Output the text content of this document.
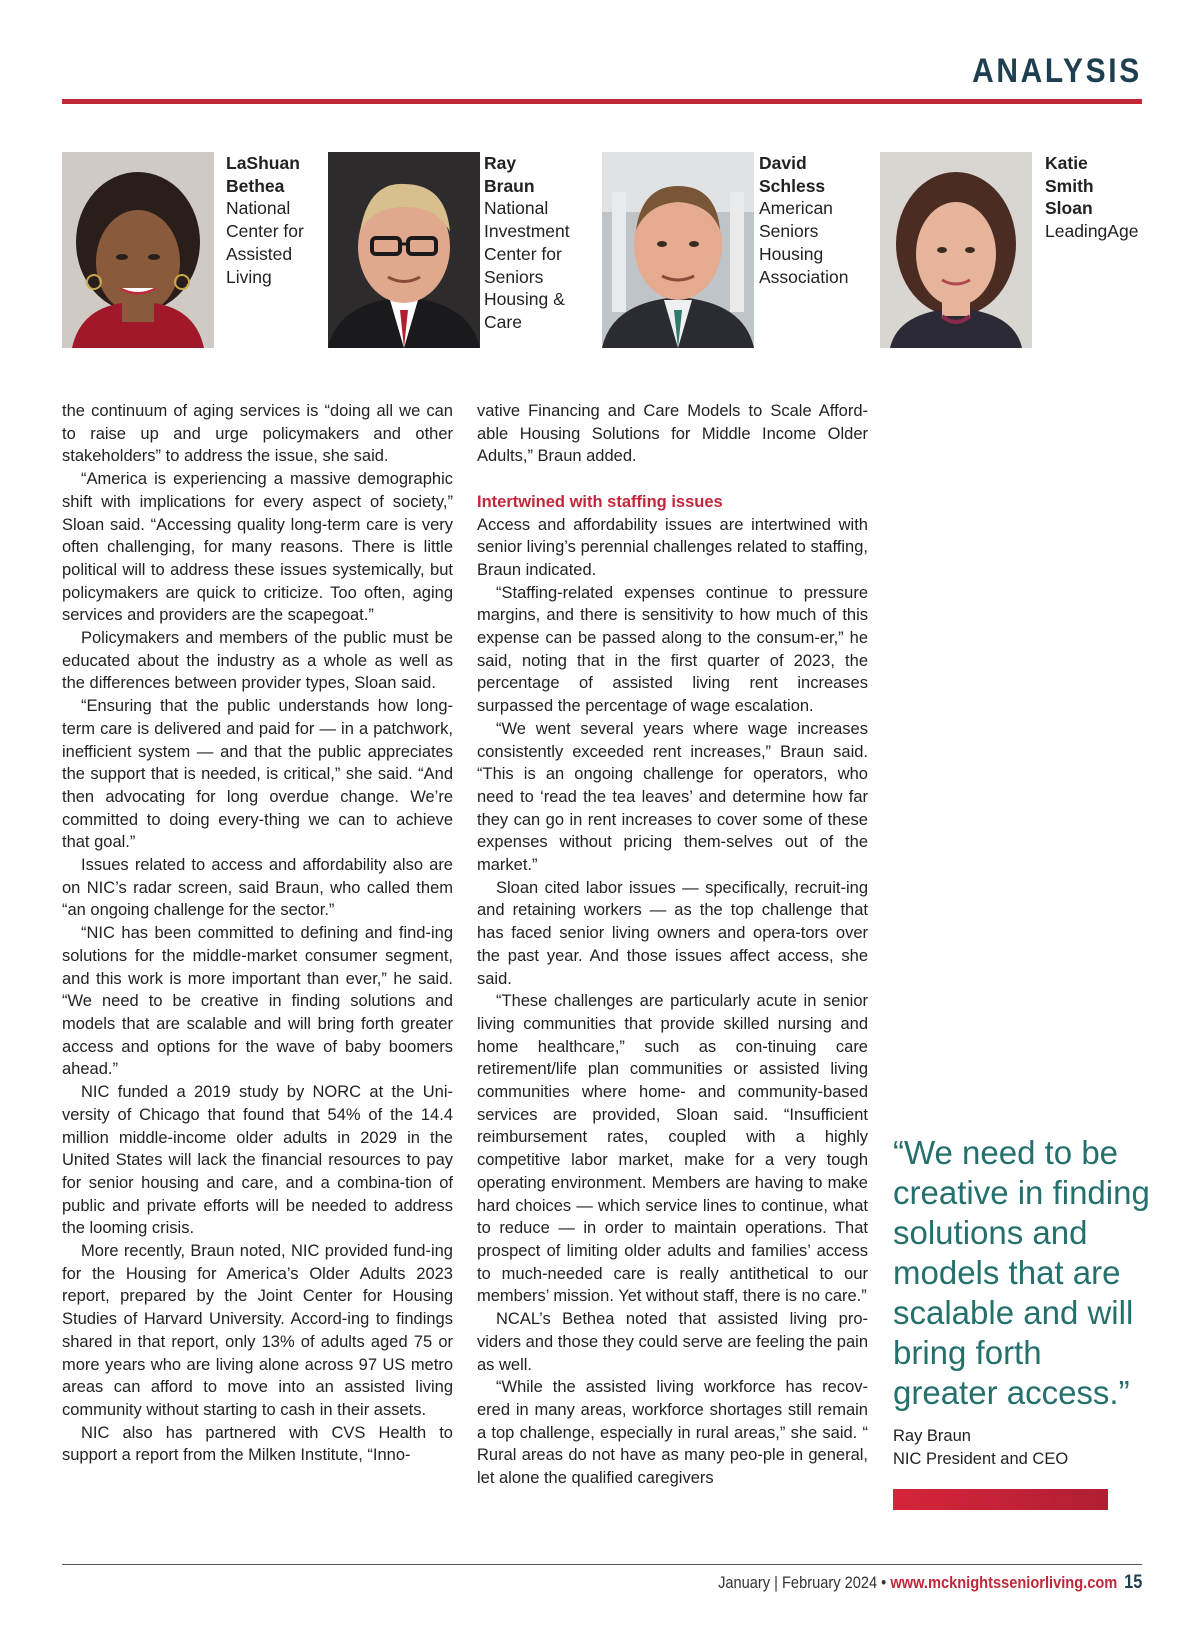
ANALYSIS
LaShuan
Bethea
National
Center for
Assisted
Living
Ray
Braun
National
Investment
Center for
Seniors
Housing &
Care
David
Schless
American
Seniors
Housing
Association
Katie
Smith
Sloan
LeadingAge

the continuum of aging services is “doing all we can to raise up and urge policymakers and other stakeholders” to address the issue, she said.

“America is experiencing a massive demographic shift with implications for every aspect of society,” Sloan said. “Accessing quality long-term care is very often challenging, for many reasons. There is little political will to address these issues systemically, but policymakers are quick to criticize. Too often, aging services and providers are the scapegoat.”

Policymakers and members of the public must be educated about the industry as a whole as well as the differences between provider types, Sloan said.

“Ensuring that the public understands how long-term care is delivered and paid for — in a patchwork, inefficient system — and that the public appreciates the support that is needed, is critical,” she said. “And then advocating for long overdue change. We’re committed to doing every-thing we can to achieve that goal.”

Issues related to access and affordability also are on NIC’s radar screen, said Braun, who called them “an ongoing challenge for the sector.”

“NIC has been committed to defining and find-ing solutions for the middle-market consumer segment, and this work is more important than ever,” he said. “We need to be creative in finding solutions and models that are scalable and will bring forth greater access and options for the wave of baby boomers ahead.”

NIC funded a 2019 study by NORC at the Uni-versity of Chicago that found that 54% of the 14.4 million middle-income older adults in 2029 in the United States will lack the financial resources to pay for senior housing and care, and a combina-tion of public and private efforts will be needed to address the looming crisis.

More recently, Braun noted, NIC provided fund-ing for the Housing for America’s Older Adults 2023 report, prepared by the Joint Center for Housing Studies of Harvard University. Accord-ing to findings shared in that report, only 13% of adults aged 75 or more years who are living alone across 97 US metro areas can afford to move into an assisted living community without starting to cash in their assets.

NIC also has partnered with CVS Health to support a report from the Milken Institute, “Inno-

vative Financing and Care Models to Scale Afford-able Housing Solutions for Middle Income Older Adults,” Braun added.

Intertwined with staffing issues

Access and affordability issues are intertwined with senior living’s perennial challenges related to staffing, Braun indicated.

“Staffing-related expenses continue to pressure margins, and there is sensitivity to how much of this expense can be passed along to the consum-er,” he said, noting that in the first quarter of 2023, the percentage of assisted living rent increases surpassed the percentage of wage escalation.

“We went several years where wage increases consistently exceeded rent increases,” Braun said. “This is an ongoing challenge for operators, who need to ‘read the tea leaves’ and determine how far they can go in rent increases to cover some of these expenses without pricing them-selves out of the market.”

Sloan cited labor issues — specifically, recruit-ing and retaining workers — as the top challenge that has faced senior living owners and opera-tors over the past year. And those issues affect access, she said.

“These challenges are particularly acute in senior living communities that provide skilled nursing and home healthcare,” such as con-tinuing care retirement/life plan communities or assisted living communities where home- and community-based services are provided, Sloan said. “Insufficient reimbursement rates, coupled with a highly competitive labor market, make for a very tough operating environment. Members are having to make hard choices — which service lines to continue, what to reduce — in order to maintain operations. That prospect of limiting older adults and families’ access to much-needed care is really antithetical to our members’ mission. Yet without staff, there is no care.”

NCAL’s Bethea noted that assisted living pro-viders and those they could serve are feeling the pain as well.

“While the assisted living workforce has recov-ered in many areas, workforce shortages still remain a top challenge, especially in rural areas,” she said. “ Rural areas do not have as many peo-ple in general, let alone the qualified caregivers

“We need to be creative in finding solutions and models that are scalable and will bring forth greater access.”
Ray Braun
NIC President and CEO
January | February 2024 • www.mcknightsseniorliving.com 15
